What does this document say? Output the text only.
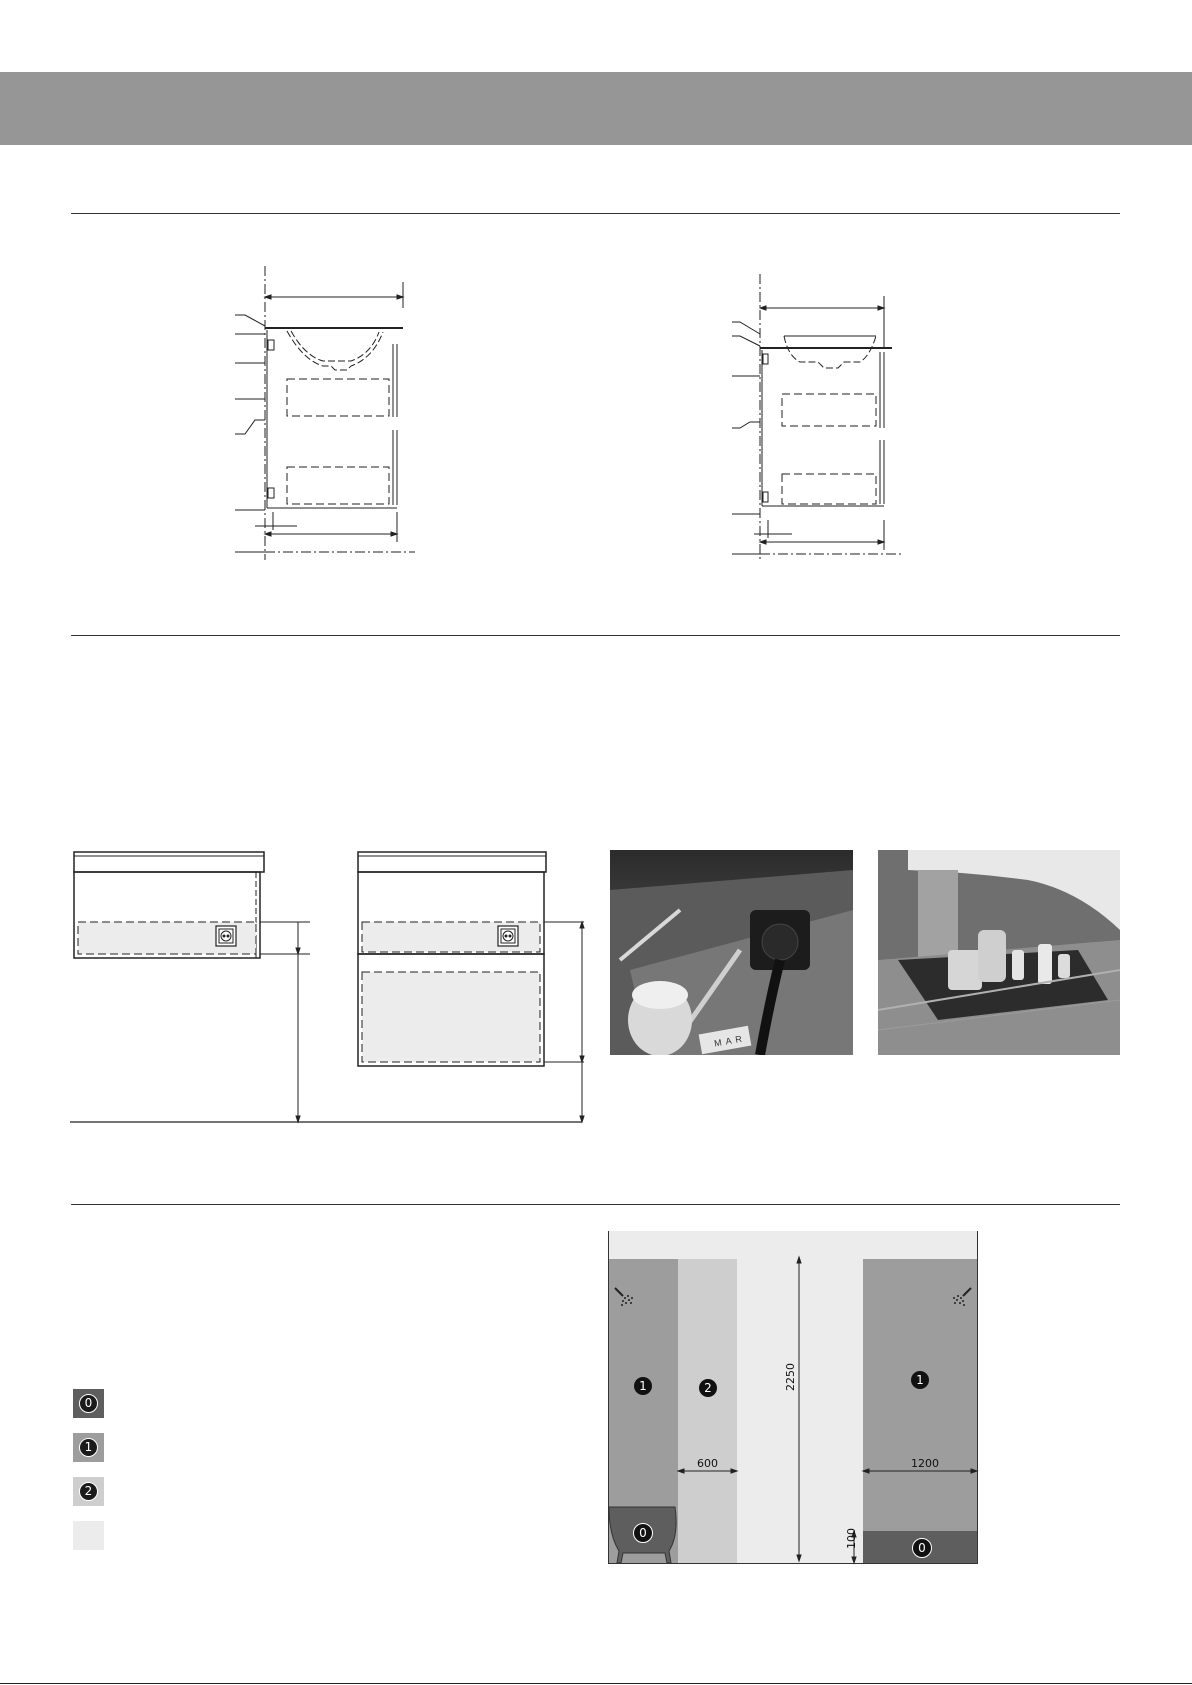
M A R
0
1
2
1	2
1
0
0
2250
600	1200
100
